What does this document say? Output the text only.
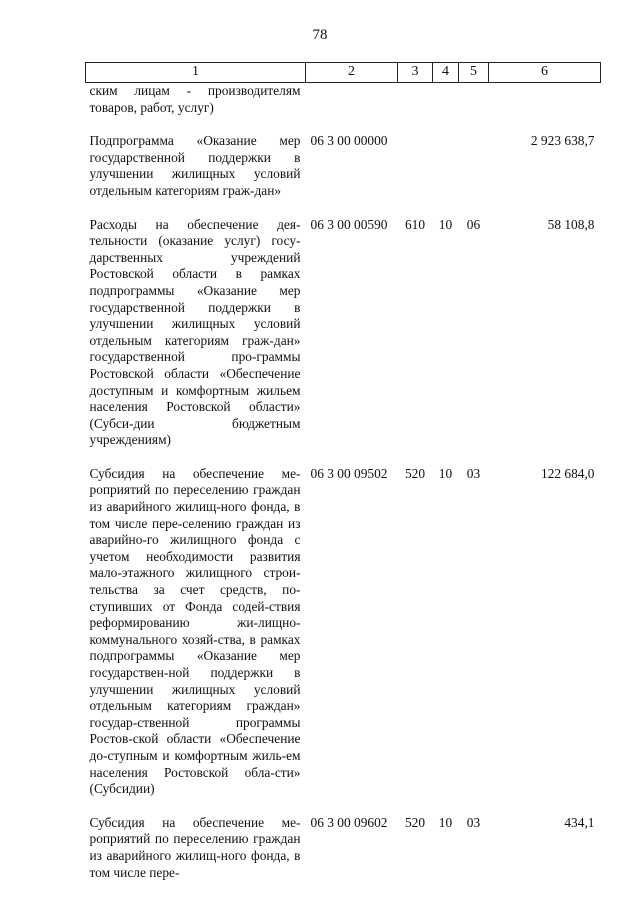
78
1	2	3	4	5	6
ским лицам - производителям товаров, работ, услуг)					

Подпрограмма «Оказание мер государственной поддержки в улучшении жилищных условий отдельным категориям граж-дан»	06 3 00 00000				2 923 638,7

Расходы на обеспечение дея-тельности (оказание услуг) госу-дарственных учреждений Ростовской области в рамках подпрограммы «Оказание мер государственной поддержки в улучшении жилищных условий отдельным категориям граж-дан» государственной про-граммы Ростовской области «Обеспечение доступным и комфортным жильем населения Ростовской области» (Субси-дии бюджетным учреждениям)	06 3 00 00590	610	10	06	58 108,8

Субсидия на обеспечение ме-роприятий по переселению граждан из аварийного жилищ-ного фонда, в том числе пере-селению граждан из аварийно-го жилищного фонда с учетом необходимости развития мало-этажного жилищного строи-тельства за счет средств, по-ступивших от Фонда содей-ствия реформированию жи-лищно-коммунального хозяй-ства, в рамках подпрограммы «Оказание мер государствен-ной поддержки в улучшении жилищных условий отдельным категориям граждан» государ-ственной программы Ростов-ской области «Обеспечение до-ступным и комфортным жиль-ем населения Ростовской обла-сти» (Субсидии)	06 3 00 09502	520	10	03	122 684,0

Субсидия на обеспечение ме-роприятий по переселению граждан из аварийного жилищ-ного фонда, в том числе пере-	06 3 00 09602	520	10	03	434,1
